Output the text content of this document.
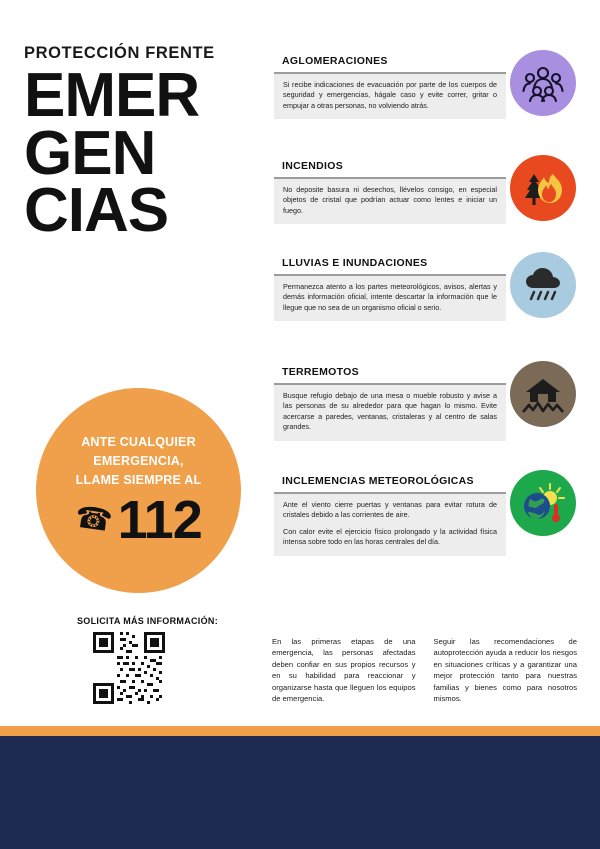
PROTECCIÓN FRENTE
EMER
GEN
CIAS
ANTE CUALQUIER
EMERGENCIA,
LLAME SIEMPRE AL
☎ 112
SOLICITA MÁS INFORMACIÓN:
AGLOMERACIONES
Si recibe indicaciones de evacuación por parte de los cuerpos de seguridad y emergencias, hágale caso y evite correr, gritar o empujar a otras personas, no volviendo atrás.
INCENDIOS
No deposite basura ni desechos, llévelos consigo, en especial objetos de cristal que podrían actuar como lentes e iniciar un fuego.
LLUVIAS E INUNDACIONES
Permanezca atento a los partes meteorológicos, avisos, alertas y demás información oficial, intente descartar la información que le llegue que no sea de un organismo oficial o serio.
TERREMOTOS
Busque refugio debajo de una mesa o mueble robusto y avise a las personas de su alrededor para que hagan lo mismo. Evite acercarse a paredes, ventanas, cristaleras y al centro de salas grandes.
INCLEMENCIAS METEOROLÓGICAS
Ante el viento cierre puertas y ventanas para evitar rotura de cristales debido a las corrientes de aire.
Con calor evite el ejercicio físico prolongado y la actividad física intensa sobre todo en las horas centrales del día.
En las primeras etapas de una emergencia, las personas afectadas deben confiar en sus propios recursos y en su habilidad para reaccionar y organizarse hasta que lleguen los equipos de emergencia.
Seguir las recomendaciones de autoprotección ayuda a reducir los riesgos en situaciones críticas y a garantizar una mejor protección tanto para nuestras familias y bienes como para nosotros mismos.
